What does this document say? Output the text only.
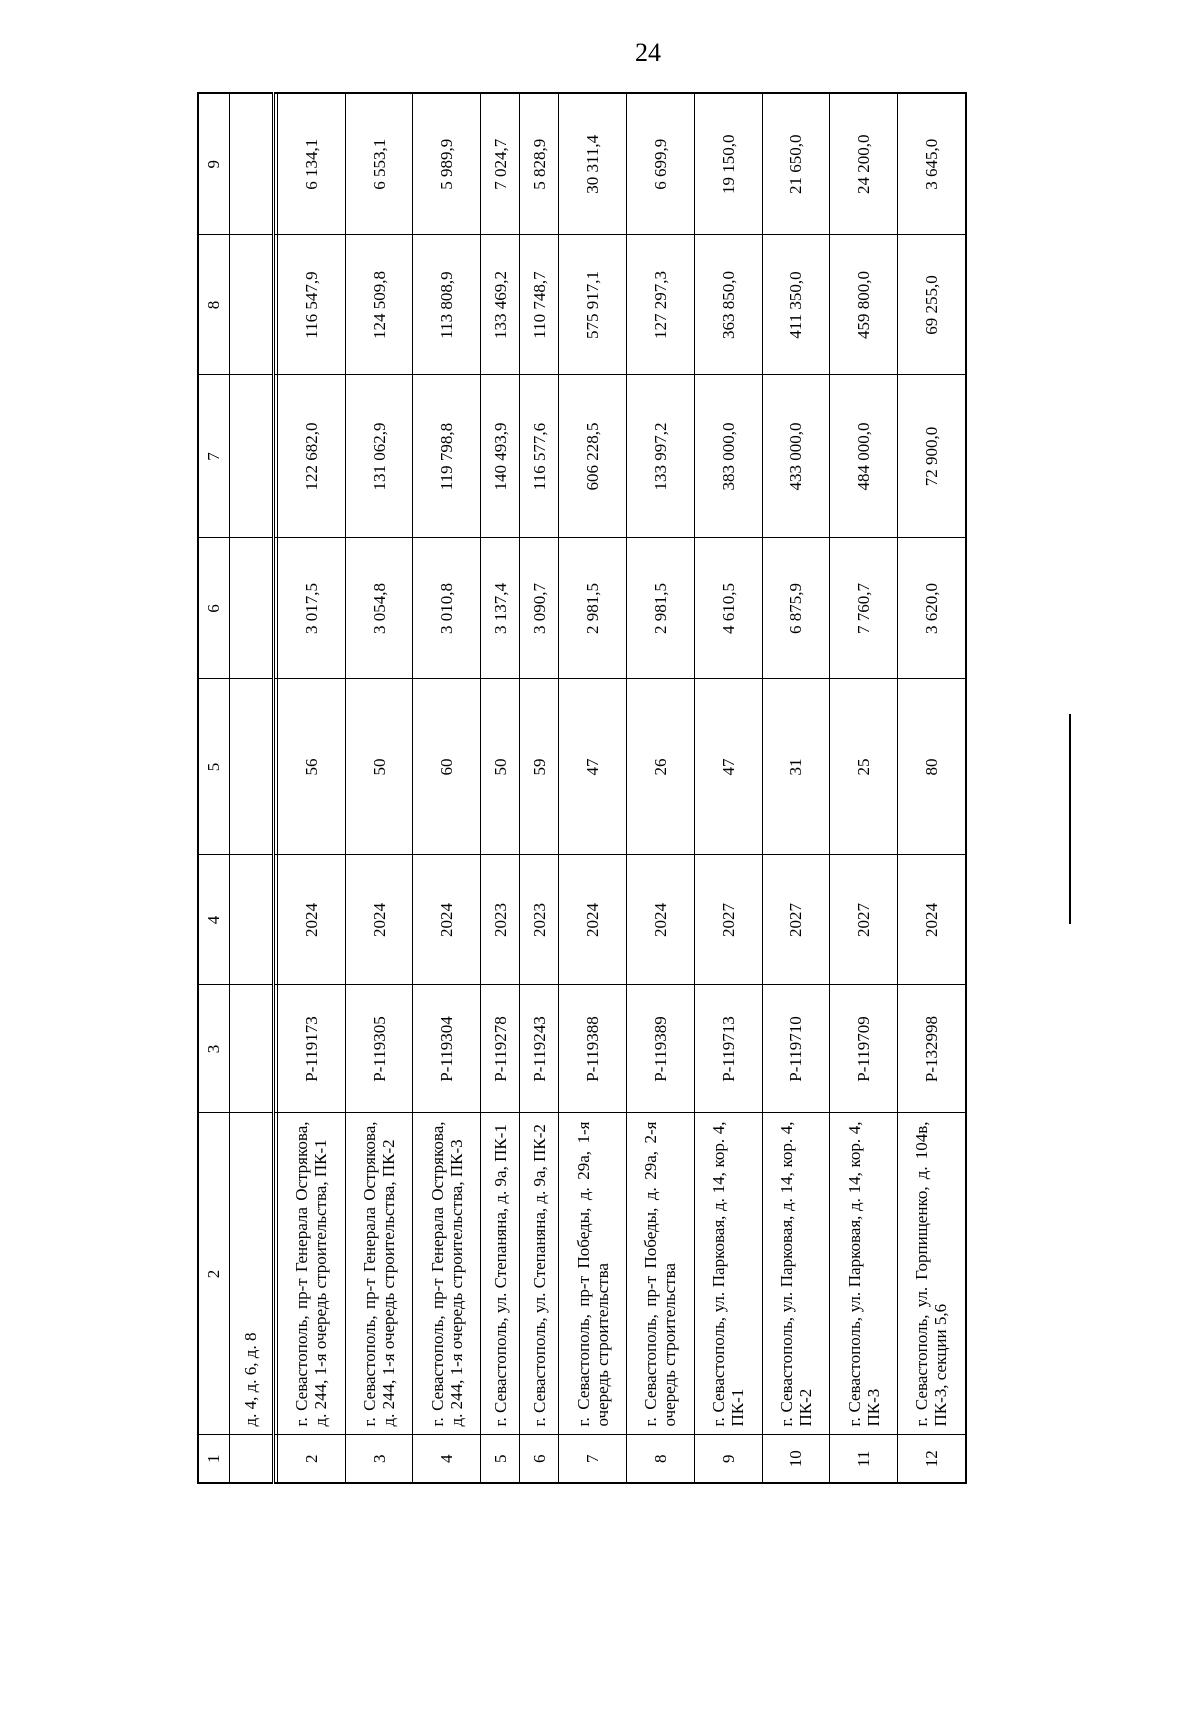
24
1	2	3	4	5	6	7	8	9
	д. 4, д. 6, д. 8							

2	г. Севастополь, пр-т Генерала Острякова, д. 244, 1-я очередь строительства, ПК-1	Р-119173	2024	56	3 017,5	122 682,0	116 547,9	6 134,1
3	г. Севастополь, пр-т Генерала Острякова, д. 244, 1-я очередь строительства, ПК-2	Р-119305	2024	50	3 054,8	131 062,9	124 509,8	6 553,1
4	г. Севастополь, пр-т Генерала Острякова, д. 244, 1-я очередь строительства, ПК-3	Р-119304	2024	60	3 010,8	119 798,8	113 808,9	5 989,9
5	г. Севастополь, ул. Степаняна, д. 9а, ПК-1	Р-119278	2023	50	3 137,4	140 493,9	133 469,2	7 024,7
6	г. Севастополь, ул. Степаняна, д. 9а, ПК-2	Р-119243	2023	59	3 090,7	116 577,6	110 748,7	5 828,9
7	г. Севастополь, пр-т Победы, д. 29а, 1-я очередь строительства	Р-119388	2024	47	2 981,5	606 228,5	575 917,1	30 311,4
8	г. Севастополь, пр-т Победы, д. 29а, 2-я очередь строительства	Р-119389	2024	26	2 981,5	133 997,2	127 297,3	6 699,9
9	г. Севастополь, ул. Парковая, д. 14, кор. 4, ПК-1	Р-119713	2027	47	4 610,5	383 000,0	363 850,0	19 150,0
10	г. Севастополь, ул. Парковая, д. 14, кор. 4, ПК-2	Р-119710	2027	31	6 875,9	433 000,0	411 350,0	21 650,0
11	г. Севастополь, ул. Парковая, д. 14, кор. 4, ПК-3	Р-119709	2027	25	7 760,7	484 000,0	459 800,0	24 200,0
12	г. Севастополь, ул. Горпищенко, д. 104в, ПК-3, секции 5,6	Р-132998	2024	80	3 620,0	72 900,0	69 255,0	3 645,0
